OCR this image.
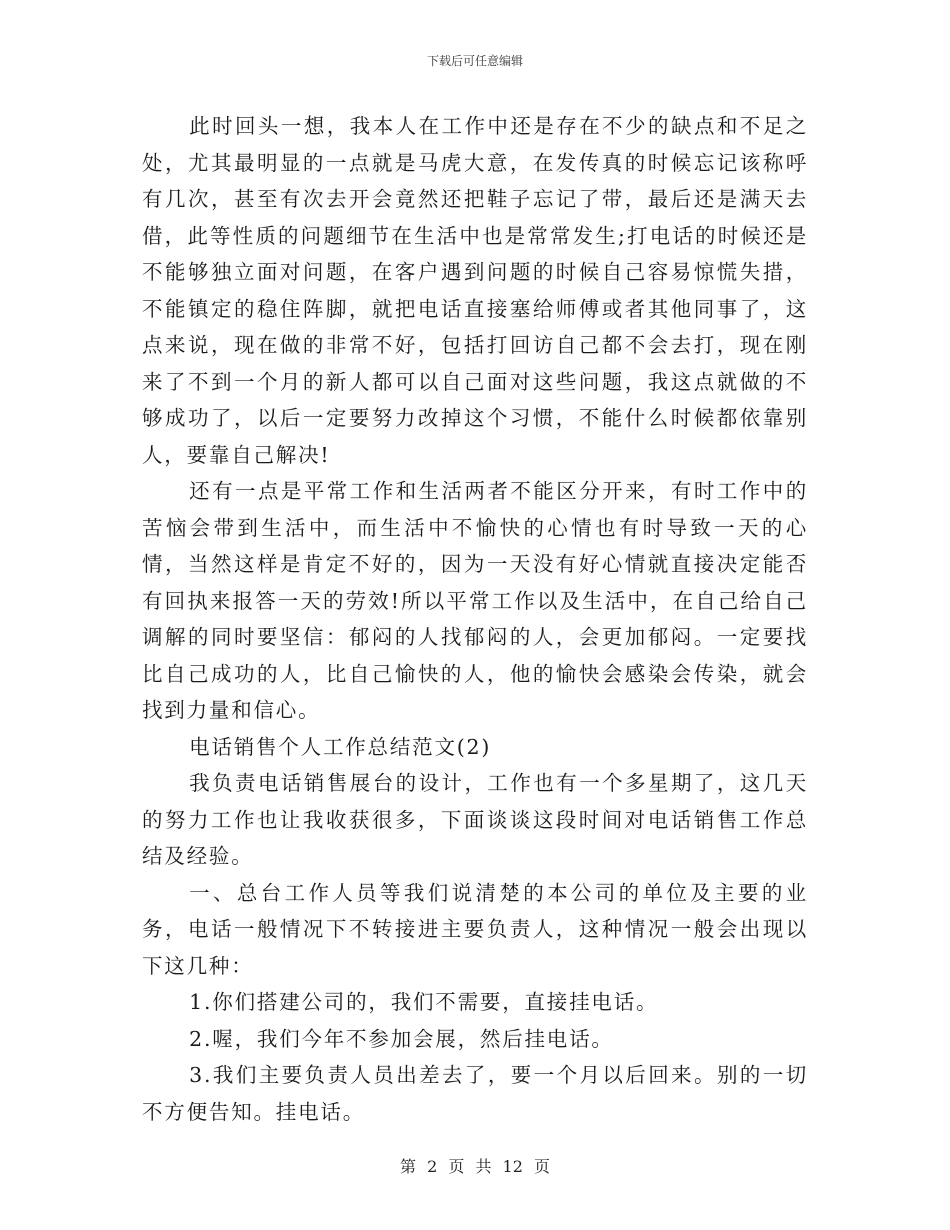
下载后可任意编辑

此时回头一想，我本人在工作中还是存在不少的缺点和不足之处，尤其最明显的一点就是马虎大意，在发传真的时候忘记该称呼有几次，甚至有次去开会竟然还把鞋子忘记了带，最后还是满天去借，此等性质的问题细节在生活中也是常常发生;打电话的时候还是不能够独立面对问题，在客户遇到问题的时候自己容易惊慌失措，不能镇定的稳住阵脚，就把电话直接塞给师傅或者其他同事了，这点来说，现在做的非常不好，包括打回访自己都不会去打，现在刚来了不到一个月的新人都可以自己面对这些问题，我这点就做的不够成功了，以后一定要努力改掉这个习惯，不能什么时候都依靠别人，要靠自己解决!

还有一点是平常工作和生活两者不能区分开来，有时工作中的苦恼会带到生活中，而生活中不愉快的心情也有时导致一天的心情，当然这样是肯定不好的，因为一天没有好心情就直接决定能否有回执来报答一天的劳效!所以平常工作以及生活中，在自己给自己调解的同时要坚信：郁闷的人找郁闷的人，会更加郁闷。一定要找比自己成功的人，比自己愉快的人，他的愉快会感染会传染，就会找到力量和信心。

电话销售个人工作总结范文(2)

我负责电话销售展台的设计，工作也有一个多星期了，这几天的努力工作也让我收获很多，下面谈谈这段时间对电话销售工作总结及经验。

一、总台工作人员等我们说清楚的本公司的单位及主要的业务，电话一般情况下不转接进主要负责人，这种情况一般会出现以下这几种：

1.你们搭建公司的，我们不需要，直接挂电话。

2.喔，我们今年不参加会展，然后挂电话。

3.我们主要负责人员出差去了，要一个月以后回来。别的一切不方便告知。挂电话。

第 2 页 共 12 页
